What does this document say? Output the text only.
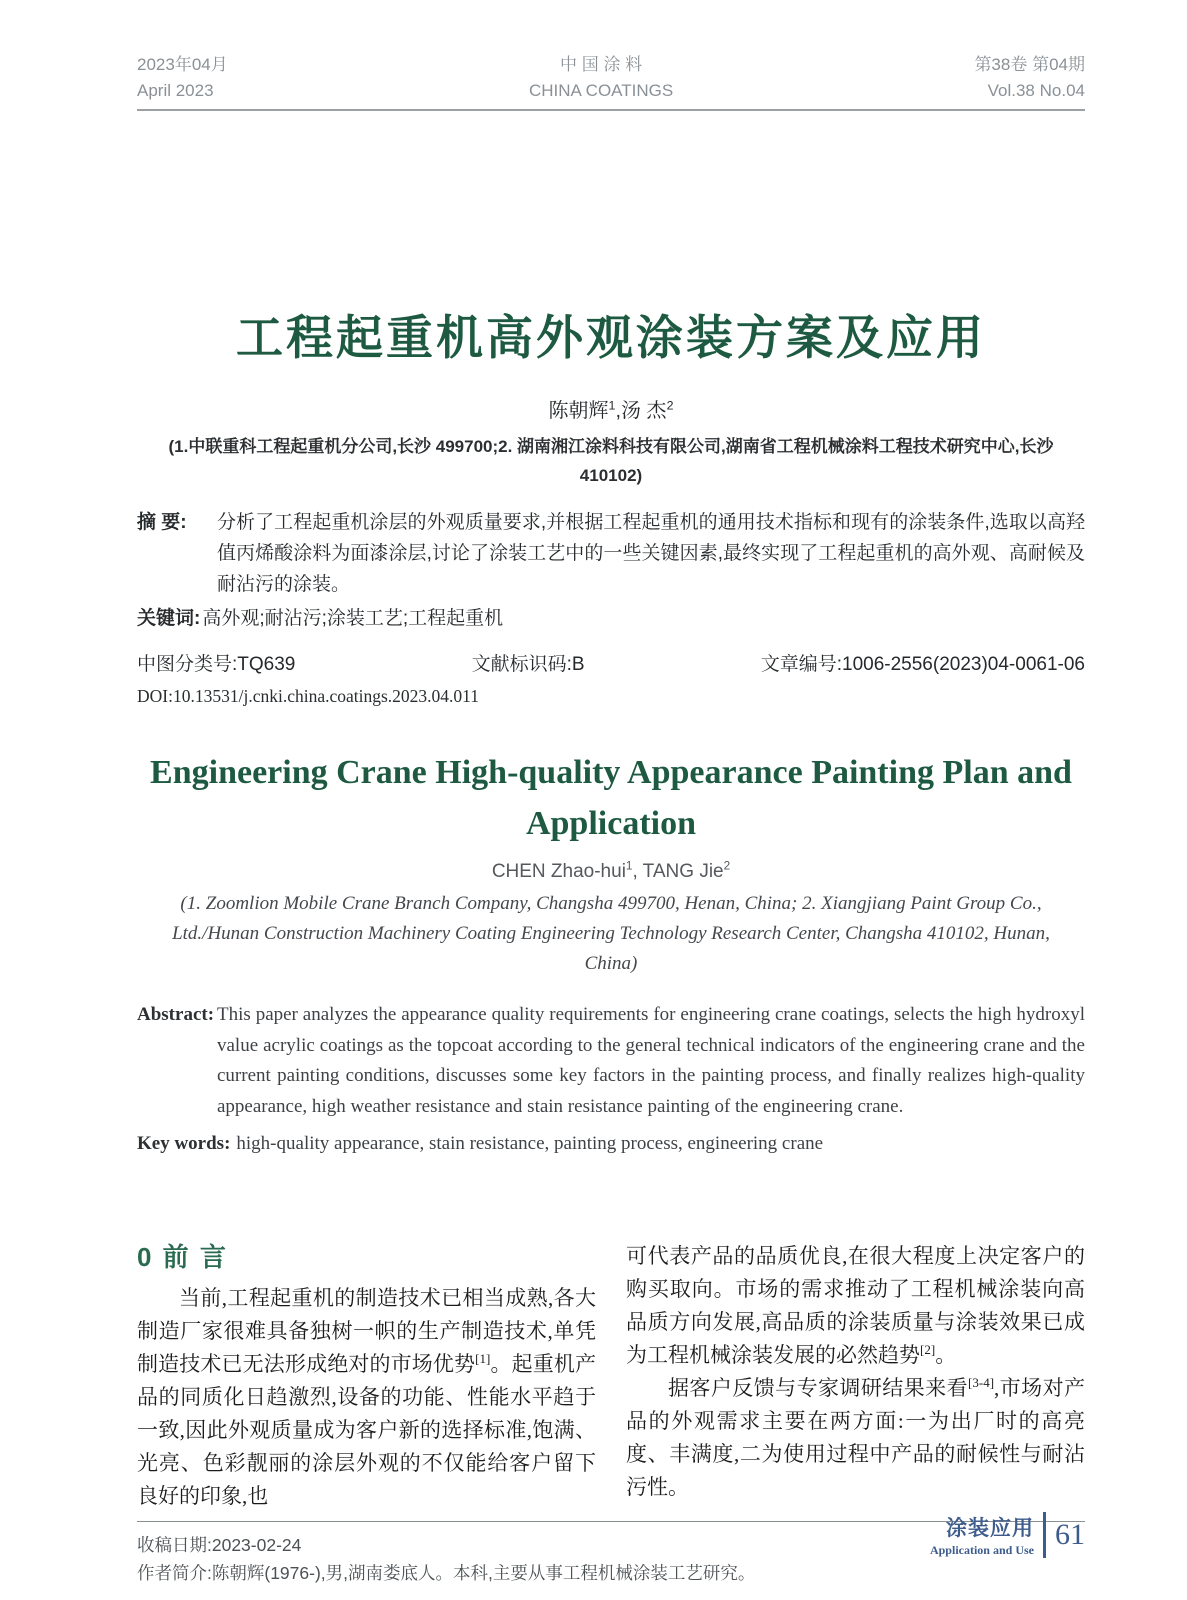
2023年04月
April 2023
中 国 涂 料
CHINA COATINGS
第38卷 第04期
Vol.38 No.04
工程起重机高外观涂装方案及应用
陈朝辉$^1$,汤 杰$^2$
(1.中联重科工程起重机分公司,长沙 499700;2. 湖南湘江涂料科技有限公司,湖南省工程机械涂料工程技术研究中心,长沙 410102)
摘 要:	分析了工程起重机涂层的外观质量要求,并根据工程起重机的通用技术指标和现有的涂装条件,选取以高羟值丙烯酸涂料为面漆涂层,讨论了涂装工艺中的一些关键因素,最终实现了工程起重机的高外观、高耐候及耐沾污的涂装。
关键词: 高外观;耐沾污;涂装工艺;工程起重机
中图分类号:TQ639	文献标识码:B	文章编号:1006-2556(2023)04-0061-06
DOI:10.13531/j.cnki.china.coatings.2023.04.011
Engineering Crane High-quality Appearance Painting Plan and Application
CHEN Zhao-hui$^1$, TANG Jie$^2$
(1. Zoomlion Mobile Crane Branch Company, Changsha 499700, Henan, China; 2. Xiangjiang Paint Group Co., Ltd./Hunan Construction Machinery Coating Engineering Technology Research Center, Changsha 410102, Hunan, China)
Abstract: This paper analyzes the appearance quality requirements for engineering crane coatings, selects the high hydroxyl value acrylic coatings as the topcoat according to the general technical indicators of the engineering crane and the current painting conditions, discusses some key factors in the painting process, and finally realizes high-quality appearance, high weather resistance and stain resistance painting of the engineering crane.
Key words: high-quality appearance, stain resistance, painting process, engineering crane
0 前 言

当前,工程起重机的制造技术已相当成熟,各大制造厂家很难具备独树一帜的生产制造技术,单凭制造技术已无法形成绝对的市场优势[1]。起重机产品的同质化日趋激烈,设备的功能、性能水平趋于一致,因此外观质量成为客户新的选择标准,饱满、光亮、色彩靓丽的涂层外观的不仅能给客户留下良好的印象,也

可代表产品的品质优良,在很大程度上决定客户的购买取向。市场的需求推动了工程机械涂装向高品质方向发展,高品质的涂装质量与涂装效果已成为工程机械涂装发展的必然趋势[2]。

据客户反馈与专家调研结果来看[3-4],市场对产品的外观需求主要在两方面:一为出厂时的高亮度、丰满度,二为使用过程中产品的耐候性与耐沾污性。

收稿日期:2023-02-24
作者简介:陈朝辉(1976-),男,湖南娄底人。本科,主要从事工程机械涂装工艺研究。
涂装应用
Application and Use 61
